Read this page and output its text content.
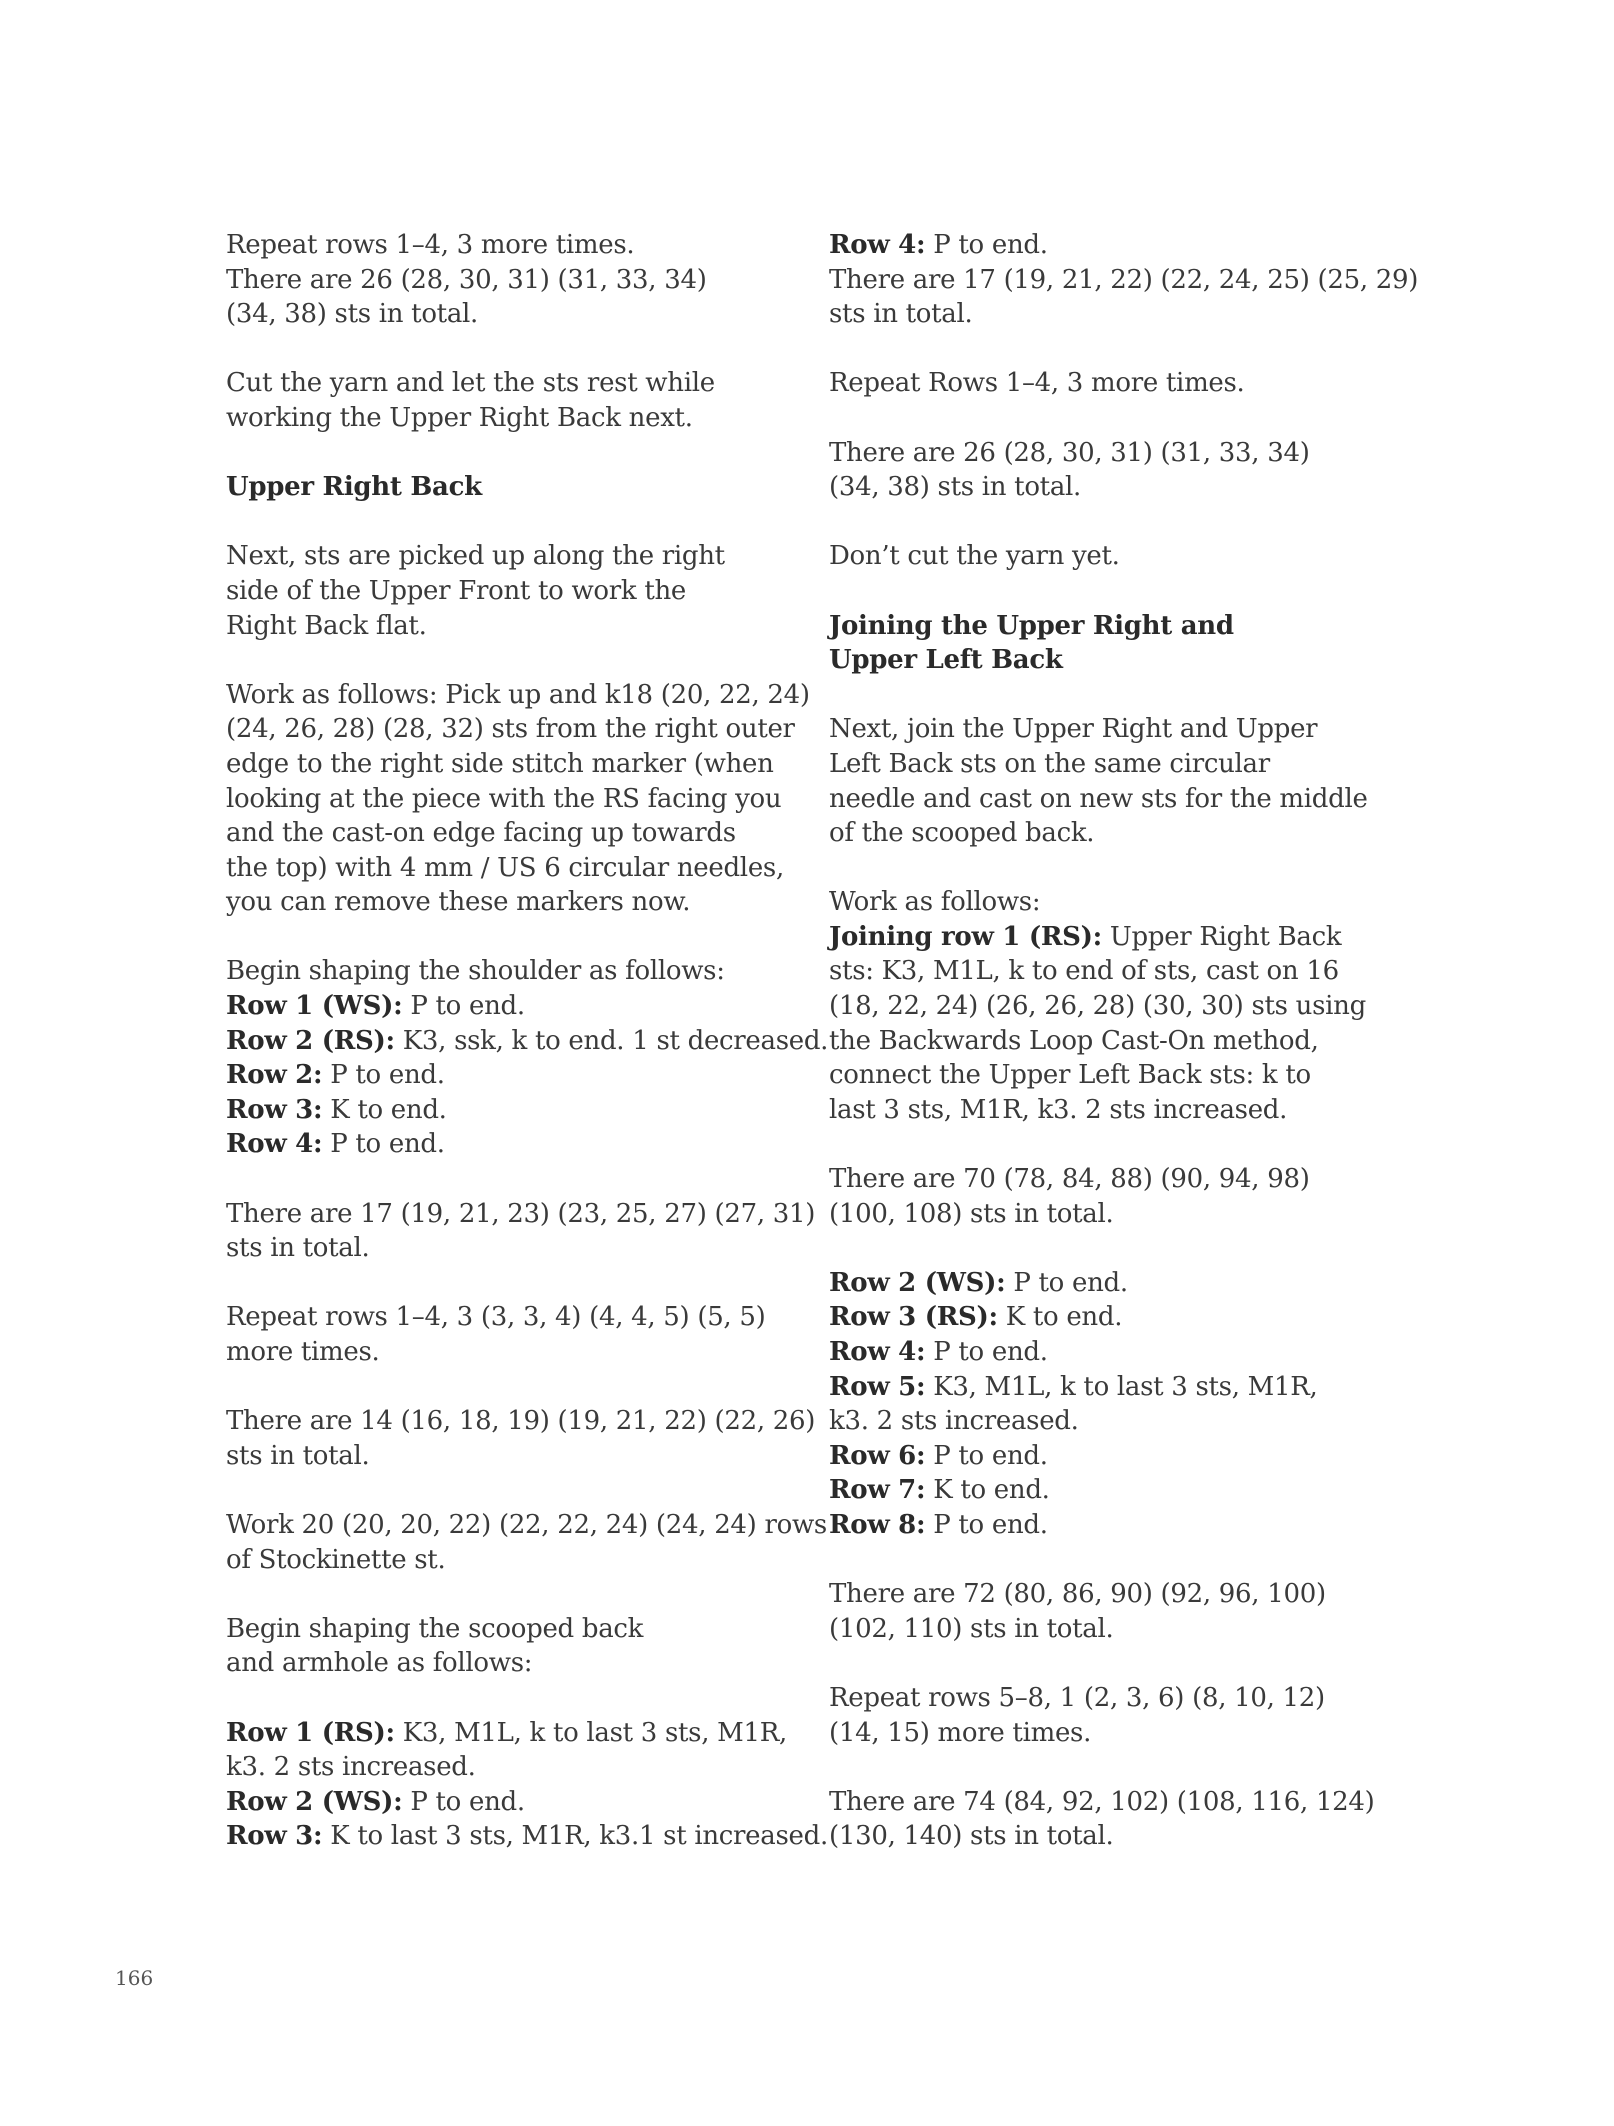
Repeat rows 1–4, 3 more times.
There are 26 (28, 30, 31) (31, 33, 34)
(34, 38) sts in total.
Cut the yarn and let the sts rest while
working the Upper Right Back next.
Upper Right Back
Next, sts are picked up along the right
side of the Upper Front to work the
Right Back flat.
Work as follows: Pick up and k18 (20, 22, 24)
(24, 26, 28) (28, 32) sts from the right outer
edge to the right side stitch marker (when
looking at the piece with the RS facing you
and the cast-on edge facing up towards
the top) with 4 mm / US 6 circular needles,
you can remove these markers now.
Begin shaping the shoulder as follows:
Row 1 (WS): P to end.
Row 2 (RS): K3, ssk, k to end. 1 st decreased.
Row 2: P to end.
Row 3: K to end.
Row 4: P to end.
There are 17 (19, 21, 23) (23, 25, 27) (27, 31)
sts in total.
Repeat rows 1–4, 3 (3, 3, 4) (4, 4, 5) (5, 5)
more times.
There are 14 (16, 18, 19) (19, 21, 22) (22, 26)
sts in total.
Work 20 (20, 20, 22) (22, 22, 24) (24, 24) rows
of Stockinette st.
Begin shaping the scooped back
and armhole as follows:
Row 1 (RS): K3, M1L, k to last 3 sts, M1R,
k3. 2 sts increased.
Row 2 (WS): P to end.
Row 3: K to last 3 sts, M1R, k3.1 st increased.
Row 4: P to end.
There are 17 (19, 21, 22) (22, 24, 25) (25, 29)
sts in total.
Repeat Rows 1–4, 3 more times.
There are 26 (28, 30, 31) (31, 33, 34)
(34, 38) sts in total.
Don’t cut the yarn yet.
Joining the Upper Right and
Upper Left Back
Next, join the Upper Right and Upper
Left Back sts on the same circular
needle and cast on new sts for the middle
of the scooped back.
Work as follows:
Joining row 1 (RS): Upper Right Back
sts: K3, M1L, k to end of sts, cast on 16
(18, 22, 24) (26, 26, 28) (30, 30) sts using
the Backwards Loop Cast-On method,
connect the Upper Left Back sts: k to
last 3 sts, M1R, k3. 2 sts increased.
There are 70 (78, 84, 88) (90, 94, 98)
(100, 108) sts in total.
Row 2 (WS): P to end.
Row 3 (RS): K to end.
Row 4: P to end.
Row 5: K3, M1L, k to last 3 sts, M1R,
k3. 2 sts increased.
Row 6: P to end.
Row 7: K to end.
Row 8: P to end.
There are 72 (80, 86, 90) (92, 96, 100)
(102, 110) sts in total.
Repeat rows 5–8, 1 (2, 3, 6) (8, 10, 12)
(14, 15) more times.
There are 74 (84, 92, 102) (108, 116, 124)
(130, 140) sts in total.
166
